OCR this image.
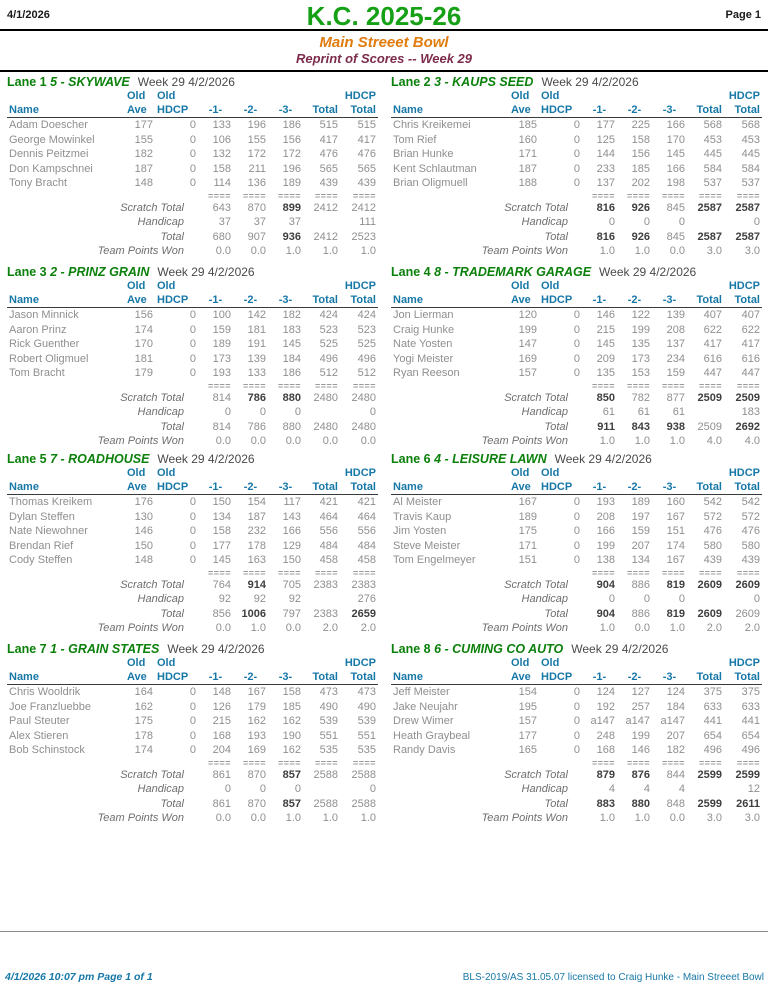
4/1/2026	K.C. 2025-26	Page 1
Main Streeet Bowl
Reprint of Scores -- Week 29
Lane 1 5 - SKYWAVE Week 29 4/2/2026
	Old	Old					HDCP
Name	Ave	HDCP	-1-	-2-	-3-	Total	Total
Adam Doescher	177	0	133	196	186	515	515
George Mowinkel	155	0	106	155	156	417	417
Dennis Peitzmei	182	0	132	172	172	476	476
Don Kampschnei	187	0	158	211	196	565	565
Tony Bracht	148	0	114	136	189	439	439
			====	====	====	====	====
Scratch Total			643	870	899	2412	2412
Handicap			37	37	37		111
Total			680	907	936	2412	2523
Team Points Won			0.0	0.0	1.0	1.0	1.0
Lane 2 3 - KAUPS SEED Week 29 4/2/2026
	Old	Old					HDCP
Name	Ave	HDCP	-1-	-2-	-3-	Total	Total
Chris Kreikemei	185	0	177	225	166	568	568
Tom Rief	160	0	125	158	170	453	453
Brian Hunke	171	0	144	156	145	445	445
Kent Schlautman	187	0	233	185	166	584	584
Brian Oligmuell	188	0	137	202	198	537	537
			====	====	====	====	====
Scratch Total			816	926	845	2587	2587
Handicap			0	0	0		0
Total			816	926	845	2587	2587
Team Points Won			1.0	1.0	0.0	3.0	3.0
Lane 3 2 - PRINZ GRAIN Week 29 4/2/2026
	Old	Old					HDCP
Name	Ave	HDCP	-1-	-2-	-3-	Total	Total
Jason Minnick	156	0	100	142	182	424	424
Aaron Prinz	174	0	159	181	183	523	523
Rick Guenther	170	0	189	191	145	525	525
Robert Oligmuel	181	0	173	139	184	496	496
Tom Bracht	179	0	193	133	186	512	512
			====	====	====	====	====
Scratch Total			814	786	880	2480	2480
Handicap			0	0	0		0
Total			814	786	880	2480	2480
Team Points Won			0.0	0.0	0.0	0.0	0.0
Lane 4 8 - TRADEMARK GARAGE Week 29 4/2/2026
	Old	Old					HDCP
Name	Ave	HDCP	-1-	-2-	-3-	Total	Total
Jon Lierman	120	0	146	122	139	407	407
Craig Hunke	199	0	215	199	208	622	622
Nate Yosten	147	0	145	135	137	417	417
Yogi Meister	169	0	209	173	234	616	616
Ryan Reeson	157	0	135	153	159	447	447
			====	====	====	====	====
Scratch Total			850	782	877	2509	2509
Handicap			61	61	61		183
Total			911	843	938	2509	2692
Team Points Won			1.0	1.0	1.0	4.0	4.0
Lane 5 7 - ROADHOUSE Week 29 4/2/2026
	Old	Old					HDCP
Name	Ave	HDCP	-1-	-2-	-3-	Total	Total
Thomas Kreikem	176	0	150	154	117	421	421
Dylan Steffen	130	0	134	187	143	464	464
Nate Niewohner	146	0	158	232	166	556	556
Brendan Rief	150	0	177	178	129	484	484
Cody Steffen	148	0	145	163	150	458	458
			====	====	====	====	====
Scratch Total			764	914	705	2383	2383
Handicap			92	92	92		276
Total			856	1006	797	2383	2659
Team Points Won			0.0	1.0	0.0	2.0	2.0
Lane 6 4 - LEISURE LAWN Week 29 4/2/2026
	Old	Old					HDCP
Name	Ave	HDCP	-1-	-2-	-3-	Total	Total
Al Meister	167	0	193	189	160	542	542
Travis Kaup	189	0	208	197	167	572	572
Jim Yosten	175	0	166	159	151	476	476
Steve Meister	171	0	199	207	174	580	580
Tom Engelmeyer	151	0	138	134	167	439	439
			====	====	====	====	====
Scratch Total			904	886	819	2609	2609
Handicap			0	0	0		0
Total			904	886	819	2609	2609
Team Points Won			1.0	0.0	1.0	2.0	2.0
Lane 7 1 - GRAIN STATES Week 29 4/2/2026
	Old	Old					HDCP
Name	Ave	HDCP	-1-	-2-	-3-	Total	Total
Chris Wooldrik	164	0	148	167	158	473	473
Joe Franzluebbe	162	0	126	179	185	490	490
Paul Steuter	175	0	215	162	162	539	539
Alex Stieren	178	0	168	193	190	551	551
Bob Schinstock	174	0	204	169	162	535	535
			====	====	====	====	====
Scratch Total			861	870	857	2588	2588
Handicap			0	0	0		0
Total			861	870	857	2588	2588
Team Points Won			0.0	0.0	1.0	1.0	1.0
Lane 8 6 - CUMING CO AUTO Week 29 4/2/2026
	Old	Old					HDCP
Name	Ave	HDCP	-1-	-2-	-3-	Total	Total
Jeff Meister	154	0	124	127	124	375	375
Jake Neujahr	195	0	192	257	184	633	633
Drew Wimer	157	0	a147	a147	a147	441	441
Heath Graybeal	177	0	248	199	207	654	654
Randy Davis	165	0	168	146	182	496	496
			====	====	====	====	====
Scratch Total			879	876	844	2599	2599
Handicap			4	4	4		12
Total			883	880	848	2599	2611
Team Points Won			1.0	1.0	0.0	3.0	3.0
4/1/2026 10:07 pm Page 1 of 1	BLS-2019/AS 31.05.07 licensed to Craig Hunke - Main Streeet Bowl
